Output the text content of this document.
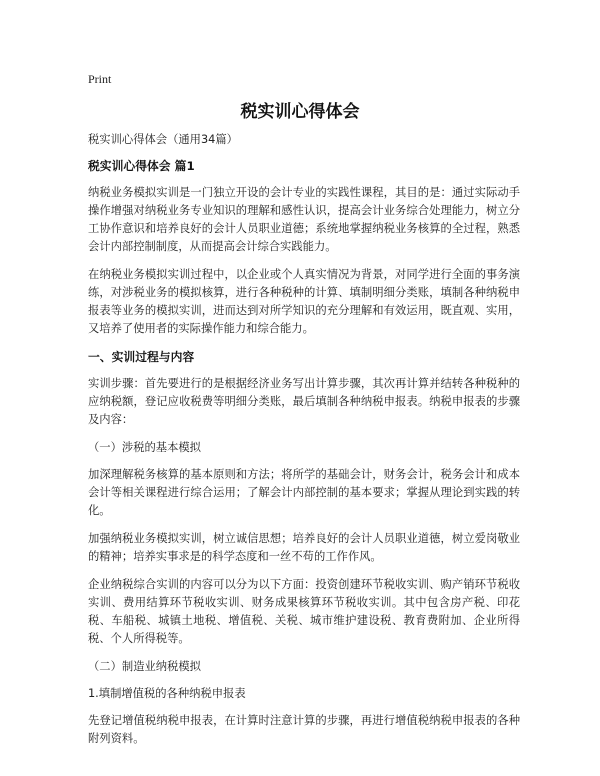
Print
税实训心得体会

税实训心得体会（通用34篇）

税实训心得体会 篇1

纳税业务模拟实训是一门独立开设的会计专业的实践性课程，其目的是：通过实际动手操作增强对纳税业务专业知识的理解和感性认识，提高会计业务综合处理能力，树立分工协作意识和培养良好的会计人员职业道德；系统地掌握纳税业务核算的全过程，熟悉会计内部控制制度，从而提高会计综合实践能力。

在纳税业务模拟实训过程中，以企业或个人真实情况为背景，对同学进行全面的事务演练，对涉税业务的模拟核算，进行各种税种的计算、填制明细分类账，填制各种纳税申报表等业务的模拟实训，进而达到对所学知识的充分理解和有效运用，既直观、实用，又培养了使用者的实际操作能力和综合能力。

一、实训过程与内容

实训步骤：首先要进行的是根据经济业务写出计算步骤，其次再计算并结转各种税种的应纳税额，登记应收税费等明细分类账，最后填制各种纳税申报表。纳税申报表的步骤及内容：

（一）涉税的基本模拟

加深理解税务核算的基本原则和方法；将所学的基础会计，财务会计，税务会计和成本会计等相关课程进行综合运用；了解会计内部控制的基本要求；掌握从理论到实践的转化。

加强纳税业务模拟实训，树立诚信思想；培养良好的会计人员职业道德，树立爱岗敬业的精神；培养实事求是的科学态度和一丝不苟的工作作风。

企业纳税综合实训的内容可以分为以下方面：投资创建环节税收实训、购产销环节税收实训、费用结算环节税收实训、财务成果核算环节税收实训。其中包含房产税、印花税、车船税、城镇土地税、增值税、关税、城市维护建设税、教育费附加、企业所得税、个人所得税等。

（二）制造业纳税模拟

1.填制增值税的各种纳税申报表

先登记增值税纳税申报表，在计算时注意计算的步骤，再进行增值税纳税申报表的各种附列资料。
